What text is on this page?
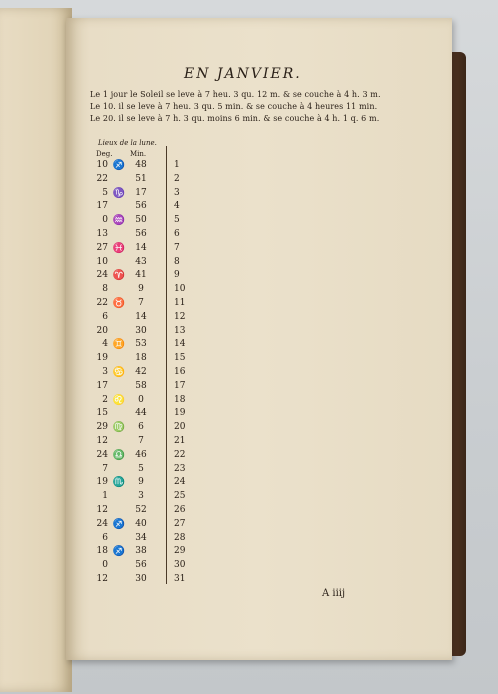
EN JANVIER.
Le 1 jour le Soleil se leve à 7 heu. 3 qu. 12 m. & se couche à 4 h. 3 m.
Le 10. il se leve à 7 heu. 3 qu. 5 min. & se couche à 4 heures 11 min.
Le 20. il se leve à 7 h. 3 qu. moins 6 min. & se couche à 4 h. 1 q. 6 m.
Lieux de la lune.
Deg.	Min.
10 ♐	48	1
22	51	2
5 ♑	17	3
17	56	4
0 ♒	50	5
13	56	6
27 ♓	14	7
10	43	8
24 ♈	41	9
8	9	10
22 ♉	7	11
6	14	12
20	30	13
4 ♊	53	14
19	18	15
3 ♋	42	16
17	58	17
2 ♌	0	18
15	44	19
29 ♍	6	20
12	7	21
24 ♎	46	22
7	5	23
19 ♏	9	24
1	3	25
12	52	26
24 ♐	40	27
6	34	28
18 ♐	38	29
0	56	30
12	30	31
A iiij
